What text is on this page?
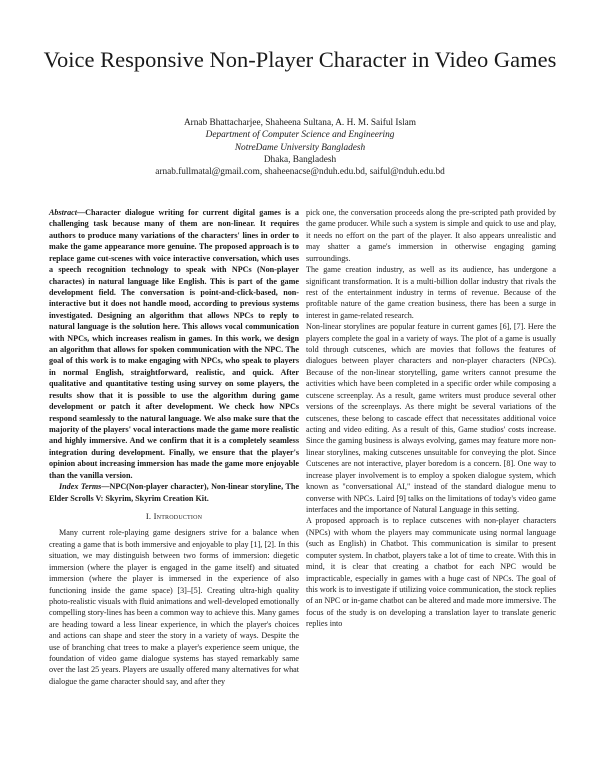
Voice Responsive Non-Player Character in Video Games
Arnab Bhattacharjee, Shaheena Sultana, A. H. M. Saiful Islam
Department of Computer Science and Engineering
NotreDame University Bangladesh
Dhaka, Bangladesh
arnab.fullmatal@gmail.com, shaheenacse@nduh.edu.bd, saiful@nduh.edu.bd

Abstract—Character dialogue writing for current digital games is a challenging task because many of them are non-linear. It requires authors to produce many variations of the characters' lines in order to make the game appearance more genuine. The proposed approach is to replace game cut-scenes with voice interactive conversation, which uses a speech recognition technology to speak with NPCs (Non-player charactes) in natural language like English. This is part of the game development field. The conversation is point-and-click-based, non-interactive but it does not handle mood, according to previous systems investigated. Designing an algorithm that allows NPCs to reply to natural language is the solution here. This allows vocal communication with NPCs, which increases realism in games. In this work, we design an algorithm that allows for spoken communication with the NPC. The goal of this work is to make engaging with NPCs, who speak to players in normal English, straightforward, realistic, and quick. After qualitative and quantitative testing using survey on some players, the results show that it is possible to use the algorithm during game development or patch it after development. We check how NPCs respond seamlessly to the natural language. We also make sure that the majority of the players' vocal interactions made the game more realistic and highly immersive. And we confirm that it is a completely seamless integration during development. Finally, we ensure that the player's opinion about increasing immersion has made the game more enjoyable than the vanilla version.

Index Terms—NPC(Non-player character), Non-linear storyline, The Elder Scrolls V: Skyrim, Skyrim Creation Kit.

I. Introduction

Many current role-playing game designers strive for a balance when creating a game that is both immersive and enjoyable to play [1], [2]. In this situation, we may distinguish between two forms of immersion: diegetic immersion (where the player is engaged in the game itself) and situated immersion (where the player is immersed in the experience of also functioning inside the game space) [3]–[5]. Creating ultra-high quality photo-realistic visuals with fluid animations and well-developed emotionally compelling story-lines has been a common way to achieve this. Many games are heading toward a less linear experience, in which the player's choices and actions can shape and steer the story in a variety of ways. Despite the use of branching chat trees to make a player's experience seem unique, the foundation of video game dialogue systems has stayed remarkably same over the last 25 years. Players are usually offered many alternatives for what dialogue the game character should say, and after they

pick one, the conversation proceeds along the pre-scripted path provided by the game producer. While such a system is simple and quick to use and play, it needs no effort on the part of the player. It also appears unrealistic and may shatter a game's immersion in otherwise engaging gaming surroundings.

The game creation industry, as well as its audience, has undergone a significant transformation. It is a multi-billion dollar industry that rivals the rest of the entertainment industry in terms of revenue. Because of the profitable nature of the game creation business, there has been a surge in interest in game-related research.

Non-linear storylines are popular feature in current games [6], [7]. Here the players complete the goal in a variety of ways. The plot of a game is usually told through cutscenes, which are movies that follows the features of dialogues between player characters and non-player characters (NPCs). Because of the non-linear storytelling, game writers cannot presume the activities which have been completed in a specific order while composing a cutscene screenplay. As a result, game writers must produce several other versions of the screenplays. As there might be several variations of the cutscenes, these belong to cascade effect that necessitates additional voice acting and video editing. As a result of this, Game studios' costs increase. Since the gaming business is always evolving, games may feature more non-linear storylines, making cutscenes unsuitable for conveying the plot. Since Cutscenes are not interactive, player boredom is a concern. [8]. One way to increase player involvement is to employ a spoken dialogue system, which known as "conversational AI," instead of the standard dialogue menu to converse with NPCs. Laird [9] talks on the limitations of today's video game interfaces and the importance of Natural Language in this setting.

A proposed approach is to replace cutscenes with non-player characters (NPCs) with whom the players may communicate using normal language (such as English) in Chatbot. This communication is similar to present computer system. In chatbot, players take a lot of time to create. With this in mind, it is clear that creating a chatbot for each NPC would be impracticable, especially in games with a huge cast of NPCs. The goal of this work is to investigate if utilizing voice communication, the stock replies of an NPC or in-game chatbot can be altered and made more immersive. The focus of the study is on developing a translation layer to translate generic replies into
